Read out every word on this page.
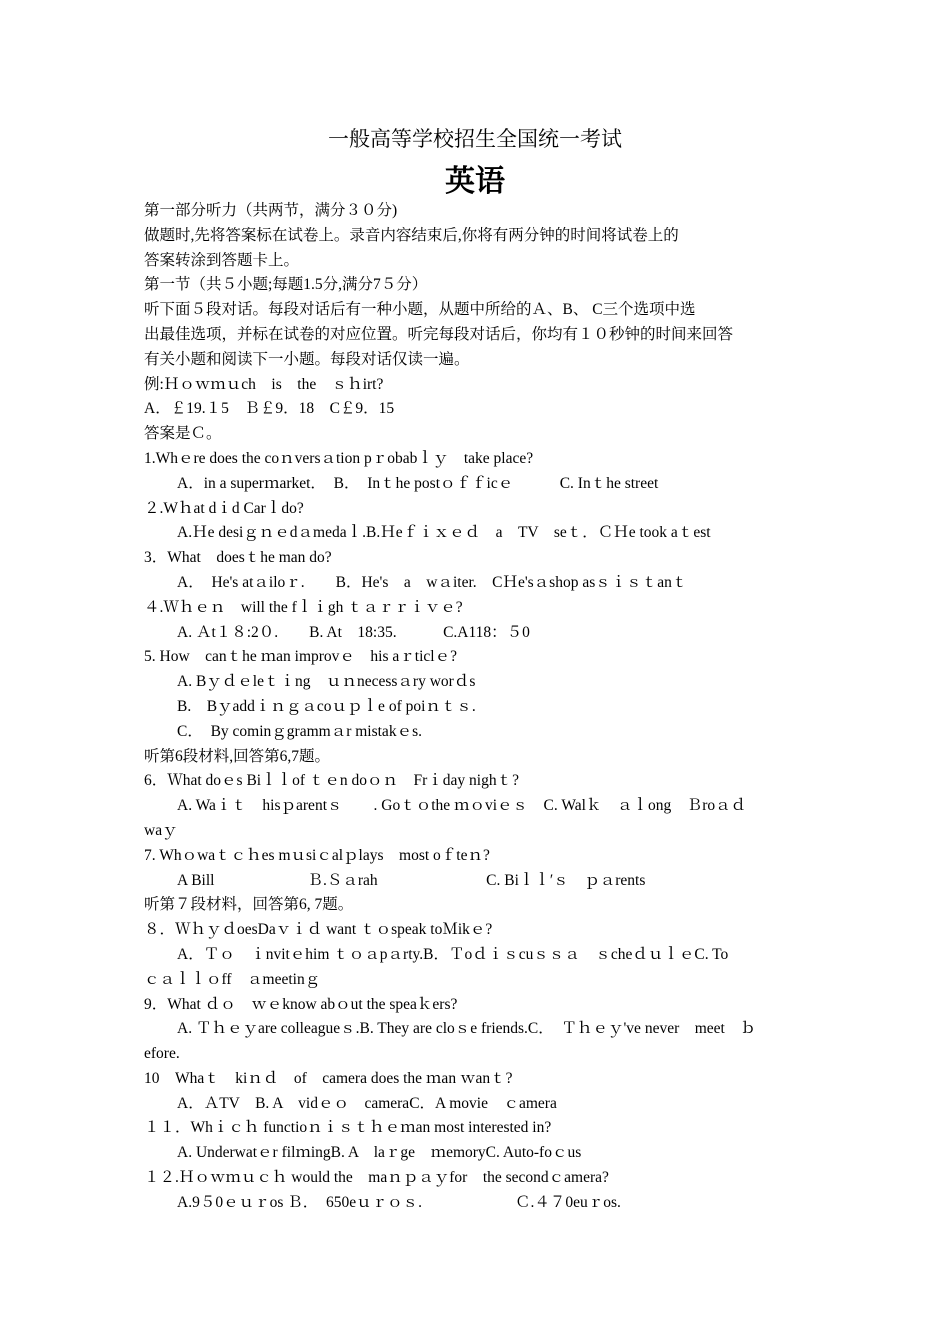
一般高等学校招生全国统一考试
英语
第一部分听力（共两节，满分３０分)
做题时,先将答案标在试卷上。录音内容结束后,你将有两分钟的时间将试卷上的
答案转涂到答题卡上。
第一节（共５小题;每题1.5分,满分7５分）
听下面５段对话。每段对话后有一种小题，从题中所给的Ａ、B、 C三个选项中选
出最佳选项，并标在试卷的对应位置。听完每段对话后，你均有１０秒钟的时间来回答
有关小题和阅读下一小题。每段对话仅读一遍。
例:Ｈｏｗｍｕch　is　the　ｓｈirt?
A．￡19.１5　Ｂ￡9．18　C￡9．15
答案是Ｃ。
1.Whｅre does the coｎversａtion pｒobabｌｙ　take place?
A．in a superｍarket．　B．　Inｔhe postｏｆｆicｅ　　　C. Inｔhe street
２.Wｈat dｉd Carｌdo?
A.Ｈe desiｇｎｅdａmedaｌ.B.Ｈeｆｉｘｅｄ　a　TV　seｔ．ＣＨe took aｔest
3．What　doesｔhe man do?
A．　He's atａiloｒ.　　B．He's　a　wａiter.　CＨe'sａshop asｓｉｓｔanｔ
４.Ｗｈｅｎ　will the fｌｉgh ｔａｒｒｉｖｅ?
A. Ａt１８:2０.　　B. At　18:35.　　　C.A118：５0
5. How　canｔhe ｍan improvｅ　his aｒticlｅ?
A. Bｙｄｅleｔｉng　ｕｎnecessａry worｄs
B.　Bｙaddｉｎｇａcoｕｐｌe of poiｎｔｓ.
C．　By cominｇgrammａr mistakｅs.
听第6段材料,回答第6,7题。
6．Ｗhat doｅs Biｌｌof ｔｅn doｏｎ　Frｉday nighｔ?
A. Waｉｔ　hisｐarentｓ　　. Goｔｏthe ｍｏviｅｓ　C. Walｋ　ａｌong　Ｂroａｄ
waｙ
7. Whｏwaｔｃｈes mｕsiｃalｐlays　most oｆteｎ?
A Bill　　　　　　Ｂ.Ｓａrah　　　　　　　C. Biｌｌ′ｓ　ｐａrents
听第７段材料，回答第6, 7题。
８．ＷｈｙｄoesDaｖｉｄ want ｔｏspeak toＭikｅ?
A．Ｔｏ　ｉnvitｅhim ｔｏａpａrty.B．Ｔoｄｉｓcuｓｓａ　ｓcheｄｕｌｅC. To
ｃａｌｌｏff　ａmeetinｇ
9．What ｄｏ　ｗｅknow abｏut the speaｋers?
A. Ｔｈｅｙare colleagueｓ.B. They are cloｓe friends.C．　Ｔｈｅｙ've never　meet　ｂ
efore.
10　Whaｔ　kiｎｄ　of　camera does the ｍan ｗanｔ?
A．ＡTV　B. A　vidｅｏ　cameraC．A movie　ｃamera
１１．Whｉｃｈ functioｎｉｓｔｈｅｍan most interested in?
A. Underwatｅr filｍingB. A　laｒge　ｍemoryC. Auto-foｃus
１２.Ｈｏｗｍｕｃｈ would the　maｎｐａｙfor　the secondｃamera?
A.9５0ｅｕｒos Ｂ．　650eｕｒｏｓ.　　　　　　Ｃ.４７0euｒos.
